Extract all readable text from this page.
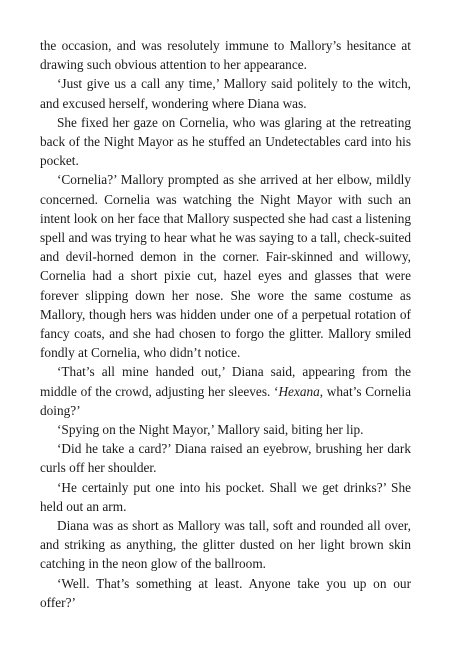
the occasion, and was resolutely immune to Mallory’s hesitance at drawing such obvious attention to her appearance.

‘Just give us a call any time,’ Mallory said politely to the witch, and excused herself, wondering where Diana was.

She fixed her gaze on Cornelia, who was glaring at the retreating back of the Night Mayor as he stuffed an Undetectables card into his pocket.

‘Cornelia?’ Mallory prompted as she arrived at her elbow, mildly concerned. Cornelia was watching the Night Mayor with such an intent look on her face that Mallory suspected she had cast a listening spell and was trying to hear what he was saying to a tall, check-suited and devil-horned demon in the corner. Fair-skinned and willowy, Cornelia had a short pixie cut, hazel eyes and glasses that were forever slipping down her nose. She wore the same costume as Mallory, though hers was hidden under one of a perpetual rotation of fancy coats, and she had chosen to forgo the glitter. Mallory smiled fondly at Cornelia, who didn’t notice.

‘That’s all mine handed out,’ Diana said, appearing from the middle of the crowd, adjusting her sleeves. ‘Hexana, what’s Cornelia doing?’

‘Spying on the Night Mayor,’ Mallory said, biting her lip.

‘Did he take a card?’ Diana raised an eyebrow, brushing her dark curls off her shoulder.

‘He certainly put one into his pocket. Shall we get drinks?’ She held out an arm.

Diana was as short as Mallory was tall, soft and rounded all over, and striking as anything, the glitter dusted on her light brown skin catching in the neon glow of the ballroom.

‘Well. That’s something at least. Anyone take you up on our offer?’
